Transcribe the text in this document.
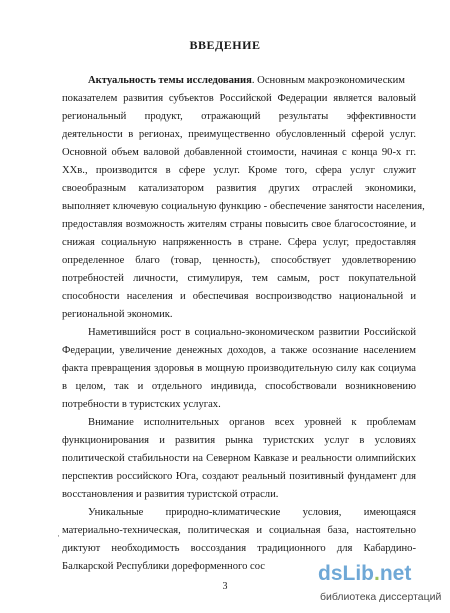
ВВЕДЕНИЕ
Актуальность темы исследования. Основным макроэкономическим
показателем развития субъектов Российской Федерации является валовый
региональный продукт, отражающий результаты эффективности
деятельности в регионах, преимущественно обусловленный сферой услуг.
Основной объем валовой добавленной стоимости, начиная с конца 90-х гг.
XXв., производится в сфере услуг. Кроме того, сфера услуг служит
своеобразным катализатором развития других отраслей экономики,
выполняет ключевую социальную функцию - обеспечение занятости населения,
предоставляя возможность жителям страны повысить свое благосостояние, и
снижая социальную напряженность в стране. Сфера услуг, предоставляя
определенное благо (товар, ценность), способствует удовлетворению
потребностей личности, стимулируя, тем самым, рост покупательной
способности населения и обеспечивая воспроизводство национальной и
региональной экономик.
Наметившийся рост в социально-экономическом развитии Российской
Федерации, увеличение денежных доходов, а также осознание населением
факта превращения здоровья в мощную производительную силу как социума
в целом, так и отдельного индивида, способствовали возникновению
потребности в туристских услугах.
Внимание исполнительных органов всех уровней к проблемам
функционирования и развития рынка туристских услуг в условиях
политической стабильности на Северном Кавказе и реальности олимпийских
перспектив российского Юга, создают реальный позитивный фундамент для
восстановления и развития туристской отрасли.
Уникальные природно-климатические условия, имеющаяся
материально-техническая, политическая и социальная база, настоятельно
диктуют необходимость воссоздания традиционного для Кабардино-
Балкарской Республики дореформенного сос
·
3
dsLib.net
библиотека диссертаций
